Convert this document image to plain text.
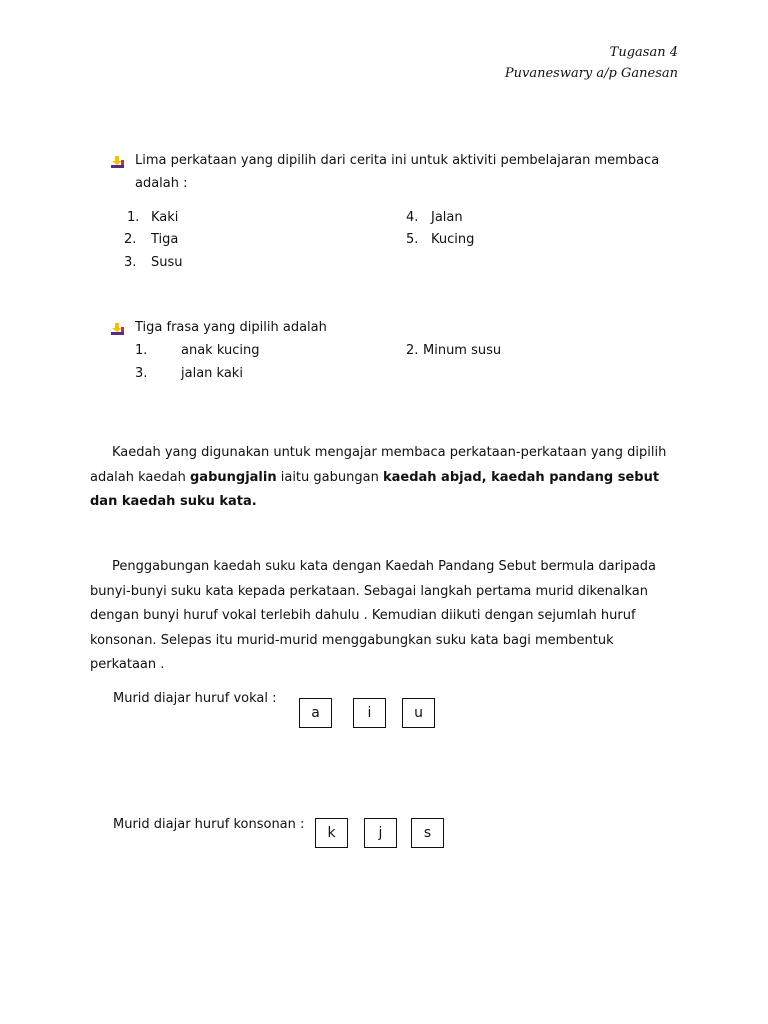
Tugasan 4
Puvaneswary a/p Ganesan
Lima perkataan yang dipilih dari cerita ini untuk aktiviti pembelajaran membaca
adalah :
1. Kaki
2. Tiga
3. Susu
4. Jalan
5. Kucing
Tiga frasa yang dipilih adalah
1.	anak kucing
3.	jalan kaki
2. Minum susu

Kaedah yang digunakan untuk mengajar membaca perkataan-perkataan yang dipilih adalah kaedah gabungjalin iaitu gabungan kaedah abjad, kaedah pandang sebut dan kaedah suku kata.

Penggabungan kaedah suku kata dengan Kaedah Pandang Sebut bermula daripada bunyi-bunyi suku kata kepada perkataan. Sebagai langkah pertama murid dikenalkan dengan bunyi huruf vokal terlebih dahulu . Kemudian diikuti dengan sejumlah huruf konsonan. Selepas itu murid-murid menggabungkan suku kata bagi membentuk perkataan .

Murid diajar huruf vokal :
a	i	u
Murid diajar huruf konsonan :
k	j	s
